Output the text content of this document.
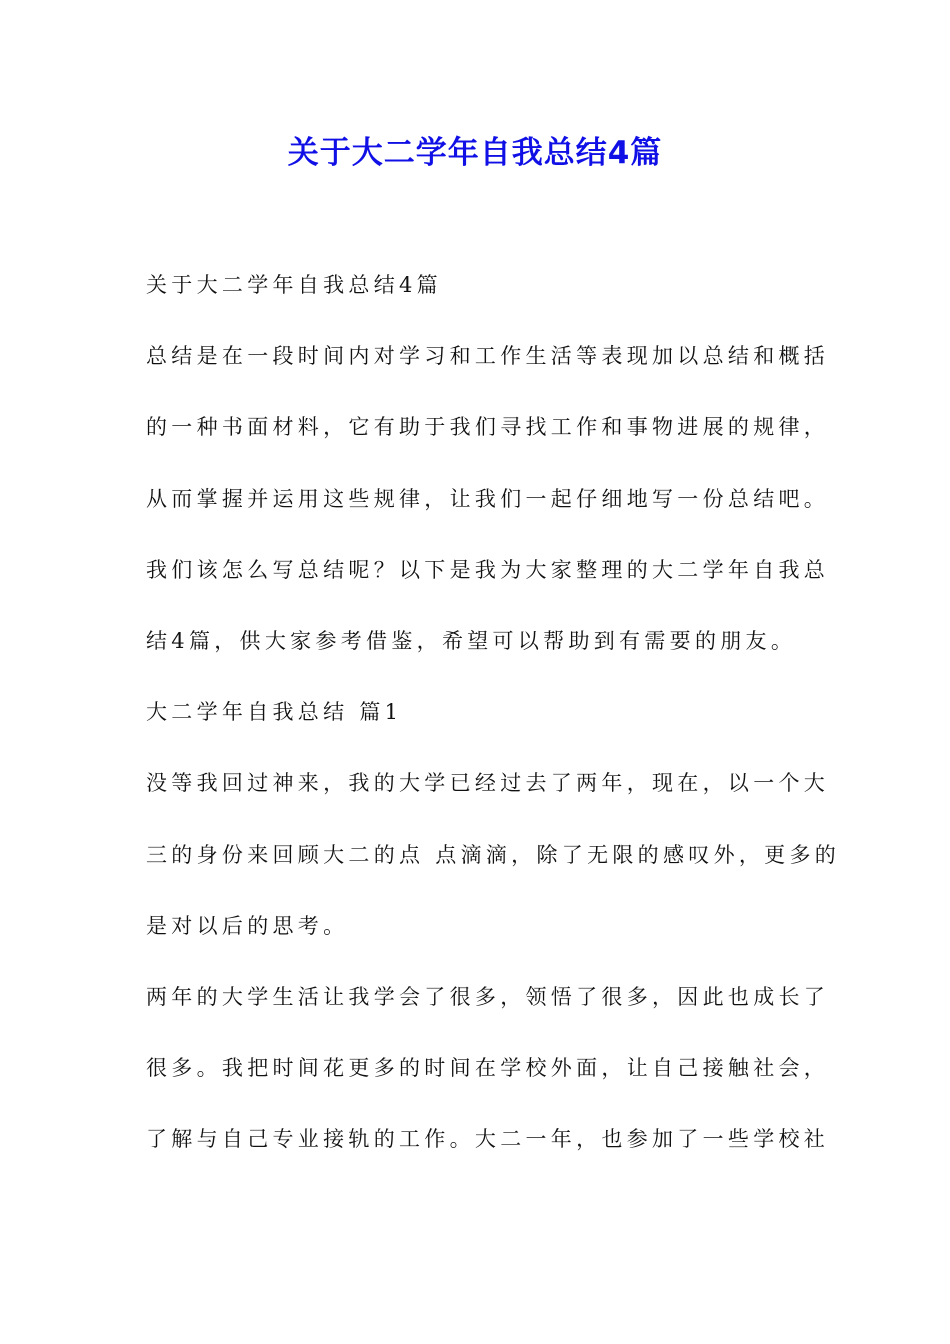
关于大二学年自我总结4篇
关于大二学年自我总结4篇
总结是在一段时间内对学习和工作生活等表现加以总结和概括
的一种书面材料，它有助于我们寻找工作和事物进展的规律，
从而掌握并运用这些规律，让我们一起仔细地写一份总结吧。
我们该怎么写总结呢？以下是我为大家整理的大二学年自我总
结4篇，供大家参考借鉴，希望可以帮助到有需要的朋友。
大二学年自我总结 篇1
没等我回过神来，我的大学已经过去了两年，现在，以一个大
三的身份来回顾大二的点 点滴滴，除了无限的感叹外，更多的
是对以后的思考。
两年的大学生活让我学会了很多，领悟了很多，因此也成长了
很多。我把时间花更多的时间在学校外面，让自己接触社会，
了解与自己专业接轨的工作。大二一年，也参加了一些学校社
